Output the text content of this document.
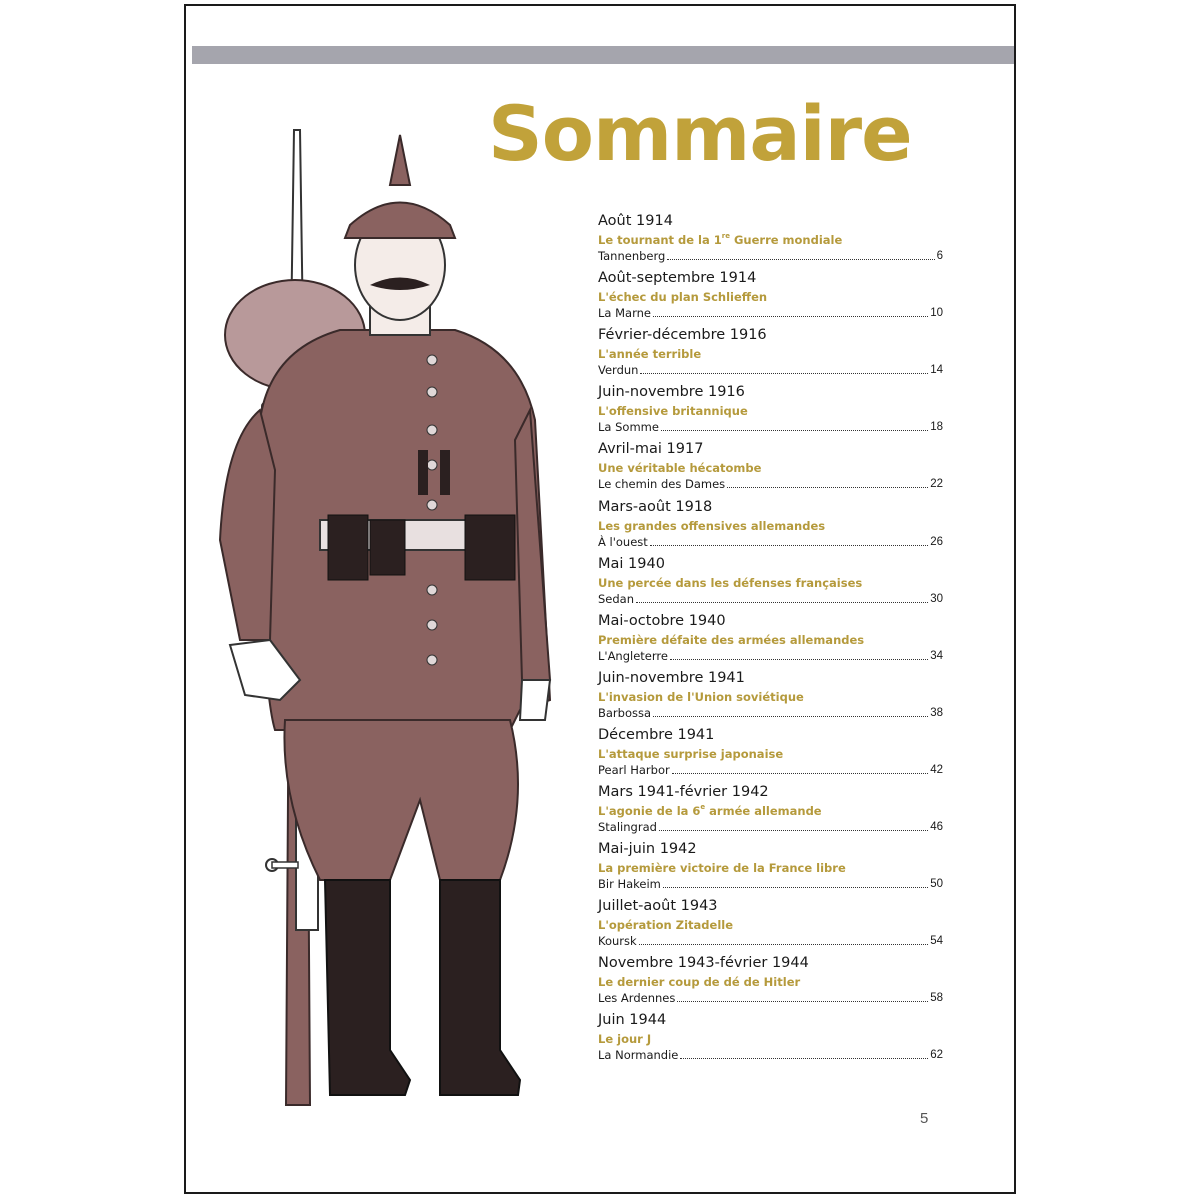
Sommaire
Août 1914
Le tournant de la 1re Guerre mondiale
Tannenberg	6
Août-septembre 1914
L'échec du plan Schlieffen
La Marne	10
Février-décembre 1916
L'année terrible
Verdun	14
Juin-novembre 1916
L'offensive britannique
La Somme	18
Avril-mai 1917
Une véritable hécatombe
Le chemin des Dames	22
Mars-août 1918
Les grandes offensives allemandes
À l'ouest	26
Mai 1940
Une percée dans les défenses françaises
Sedan	30
Mai-octobre 1940
Première défaite des armées allemandes
L'Angleterre	34
Juin-novembre 1941
L'invasion de l'Union soviétique
Barbossa	38
Décembre 1941
L'attaque surprise japonaise
Pearl Harbor	42
Mars 1941-février 1942
L'agonie de la 6e armée allemande
Stalingrad	46
Mai-juin 1942
La première victoire de la France libre
Bir Hakeim	50
Juillet-août 1943
L'opération Zitadelle
Koursk	54
Novembre 1943-février 1944
Le dernier coup de dé de Hitler
Les Ardennes	58
Juin 1944
Le jour J
La Normandie	62
5
